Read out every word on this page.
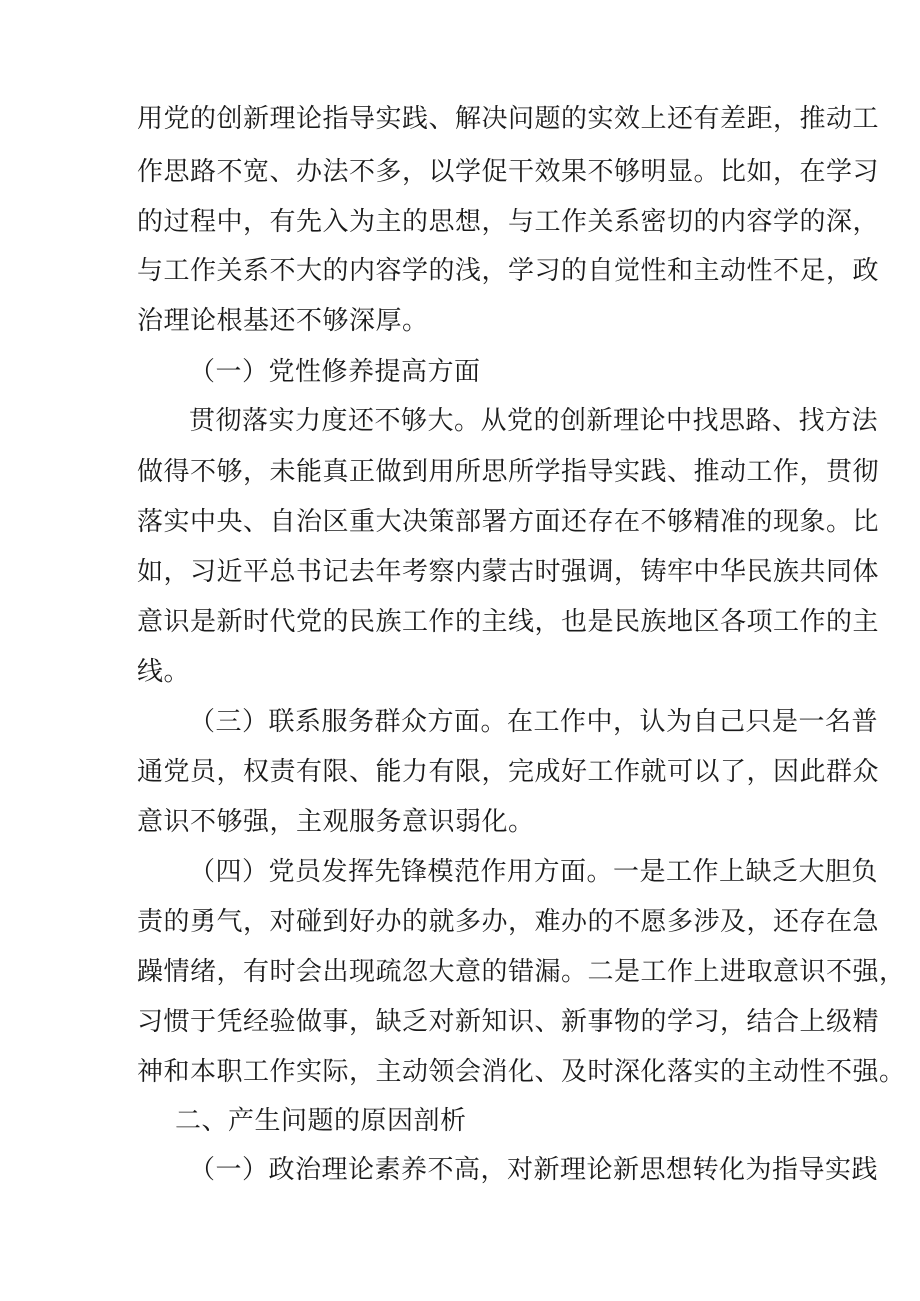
用党的创新理论指导实践、解决问题的实效上还有差距，推动工
作思路不宽、办法不多，以学促干效果不够明显。比如，在学习
的过程中，有先入为主的思想，与工作关系密切的内容学的深，
与工作关系不大的内容学的浅，学习的自觉性和主动性不足，政
治理论根基还不够深厚。
（一）党性修养提高方面
贯彻落实力度还不够大。从党的创新理论中找思路、找方法
做得不够，未能真正做到用所思所学指导实践、推动工作，贯彻
落实中央、自治区重大决策部署方面还存在不够精准的现象。比
如，习近平总书记去年考察内蒙古时强调，铸牢中华民族共同体
意识是新时代党的民族工作的主线，也是民族地区各项工作的主
线。
（三）联系服务群众方面。在工作中，认为自己只是一名普
通党员，权责有限、能力有限，完成好工作就可以了，因此群众
意识不够强，主观服务意识弱化。
（四）党员发挥先锋模范作用方面。一是工作上缺乏大胆负
责的勇气，对碰到好办的就多办，难办的不愿多涉及，还存在急
躁情绪，有时会出现疏忽大意的错漏。二是工作上进取意识不强，
习惯于凭经验做事，缺乏对新知识、新事物的学习，结合上级精
神和本职工作实际，主动领会消化、及时深化落实的主动性不强。
二、产生问题的原因剖析
（一）政治理论素养不高，对新理论新思想转化为指导实践
